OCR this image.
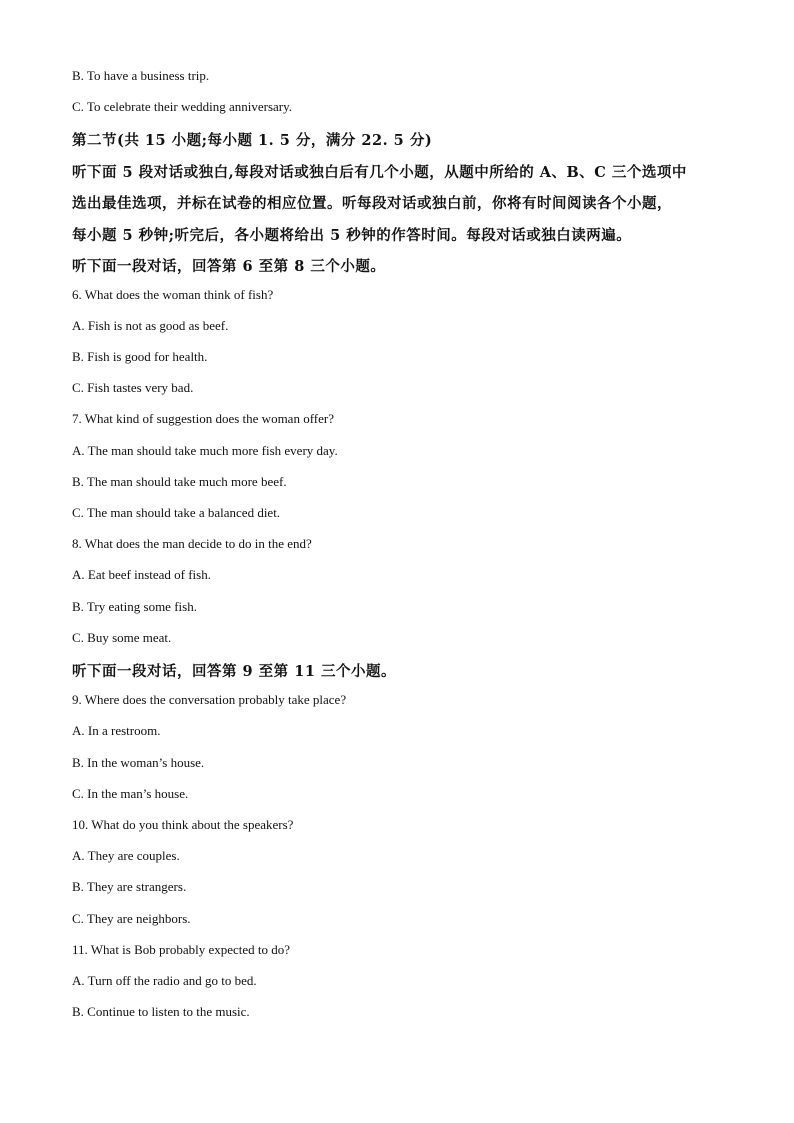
B. To have a business trip.
C. To celebrate their wedding anniversary.
第二节(共 15 小题;每小题 1. 5 分，满分 22. 5 分)
听下面 5 段对话或独白,每段对话或独白后有几个小题，从题中所给的 A、B、C 三个选项中
选出最佳选项，并标在试卷的相应位置。听每段对话或独白前，你将有时间阅读各个小题，
每小题 5 秒钟;听完后，各小题将给出 5 秒钟的作答时间。每段对话或独白读两遍。
听下面一段对话，回答第 6 至第 8 三个小题。
6. What does the woman think of fish?
A. Fish is not as good as beef.
B. Fish is good for health.
C. Fish tastes very bad.
7. What kind of suggestion does the woman offer?
A. The man should take much more fish every day.
B. The man should take much more beef.
C. The man should take a balanced diet.
8. What does the man decide to do in the end?
A. Eat beef instead of fish.
B. Try eating some fish.
C. Buy some meat.
听下面一段对话，回答第 9 至第 11 三个小题。
9. Where does the conversation probably take place?
A. In a restroom.
B. In the woman’s house.
C. In the man’s house.
10. What do you think about the speakers?
A. They are couples.
B. They are strangers.
C. They are neighbors.
11. What is Bob probably expected to do?
A. Turn off the radio and go to bed.
B. Continue to listen to the music.
